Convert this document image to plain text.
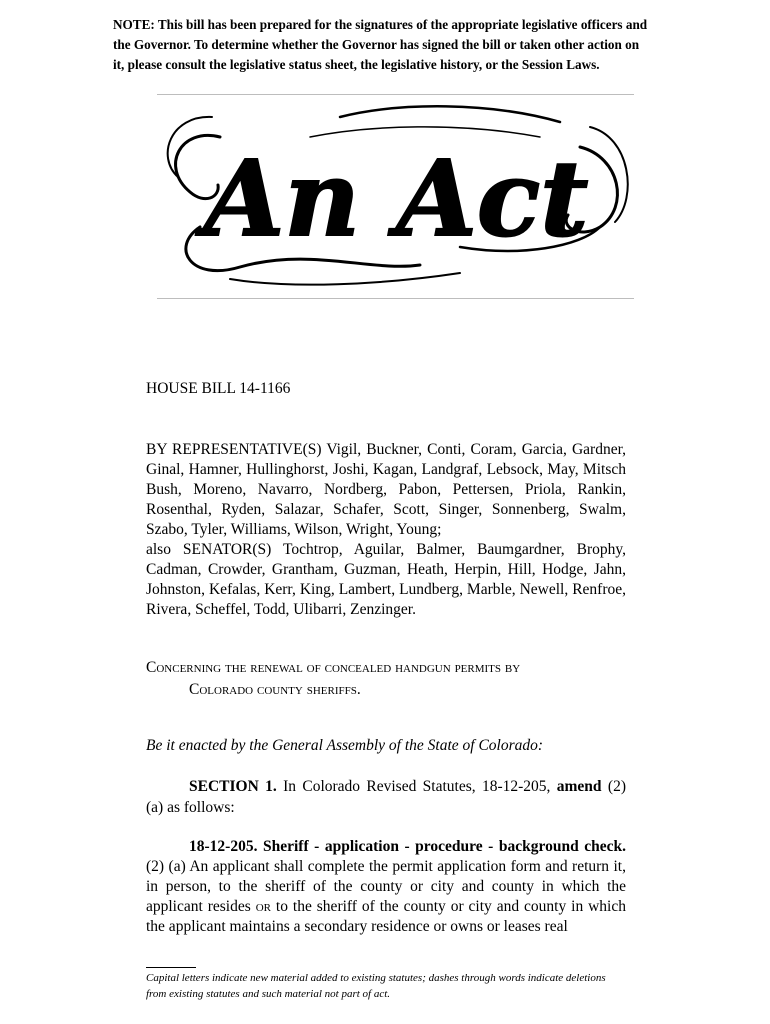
NOTE: This bill has been prepared for the signatures of the appropriate legislative officers and the Governor. To determine whether the Governor has signed the bill or taken other action on it, please consult the legislative status sheet, the legislative history, or the Session Laws.
An Act
HOUSE BILL 14-1166

BY REPRESENTATIVE(S) Vigil, Buckner, Conti, Coram, Garcia, Gardner, Ginal, Hamner, Hullinghorst, Joshi, Kagan, Landgraf, Lebsock, May, Mitsch Bush, Moreno, Navarro, Nordberg, Pabon, Pettersen, Priola, Rankin, Rosenthal, Ryden, Salazar, Schafer, Scott, Singer, Sonnenberg, Swalm, Szabo, Tyler, Williams, Wilson, Wright, Young;

also SENATOR(S) Tochtrop, Aguilar, Balmer, Baumgardner, Brophy, Cadman, Crowder, Grantham, Guzman, Heath, Herpin, Hill, Hodge, Jahn, Johnston, Kefalas, Kerr, King, Lambert, Lundberg, Marble, Newell, Renfroe, Rivera, Scheffel, Todd, Ulibarri, Zenzinger.

Concerning the renewal of concealed handgun permits by
Colorado county sheriffs.
Be it enacted by the General Assembly of the State of Colorado:

SECTION 1. In Colorado Revised Statutes, 18-12-205, amend (2) (a) as follows:

18-12-205. Sheriff - application - procedure - background check. (2) (a) An applicant shall complete the permit application form and return it, in person, to the sheriff of the county or city and county in which the applicant resides or to the sheriff of the county or city and county in which the applicant maintains a secondary residence or owns or leases real

Capital letters indicate new material added to existing statutes; dashes through words indicate deletions from existing statutes and such material not part of act.
